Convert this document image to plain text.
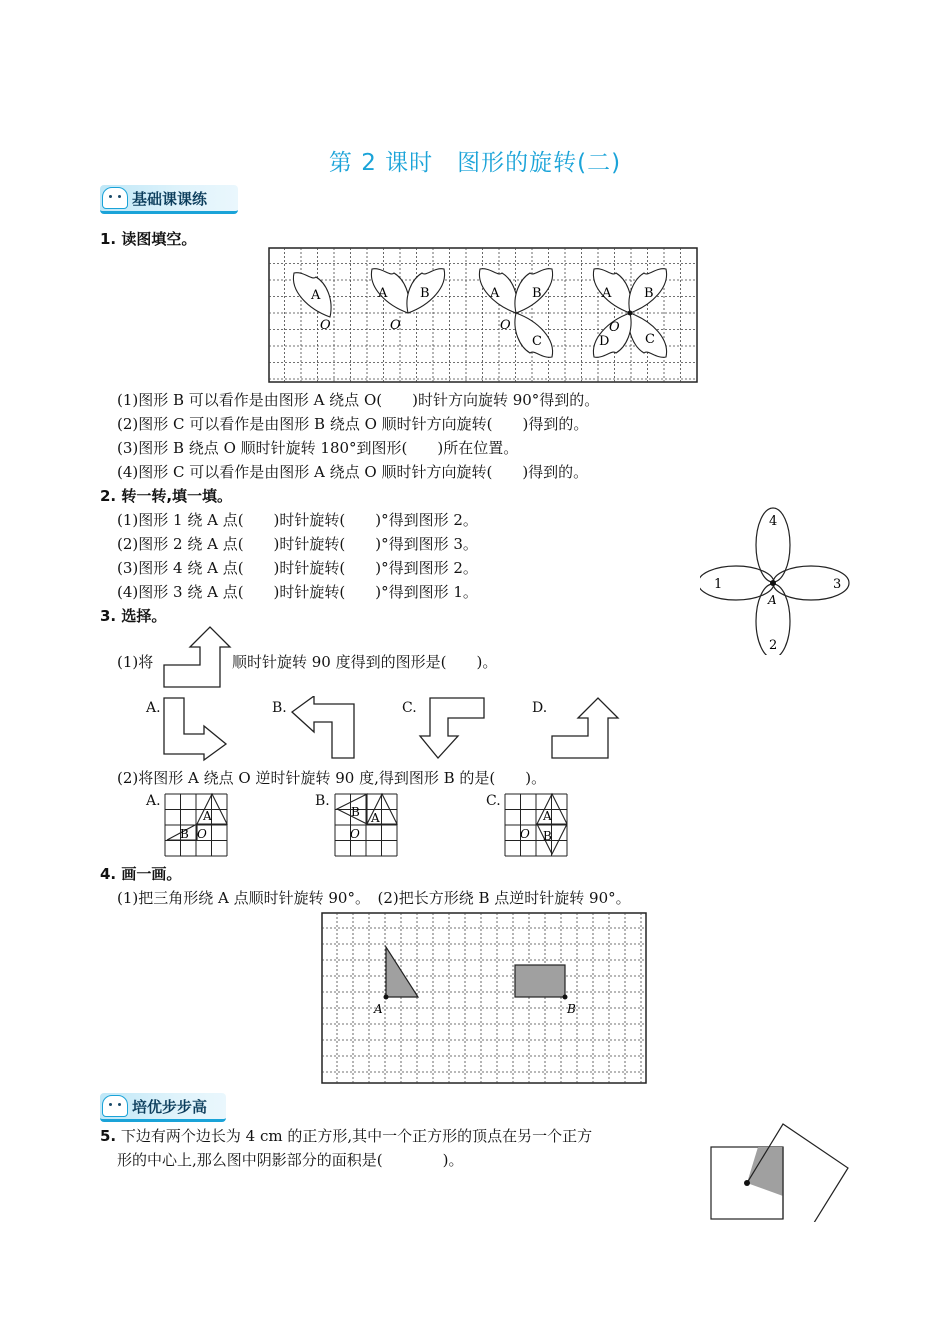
第 2 课时　图形的旋转(二)
基础课课练
1. 读图填空。
A
O
A	B
O
A	B
C
O
A	B
C
D
O
(1)图形 B 可以看作是由图形 A 绕点 O(　　)时针方向旋转 90°得到的。
(2)图形 C 可以看作是由图形 B 绕点 O 顺时针方向旋转(　　)得到的。
(3)图形 B 绕点 O 顺时针旋转 180°到图形(　　)所在位置。
(4)图形 C 可以看作是由图形 A 绕点 O 顺时针方向旋转(　　)得到的。
2. 转一转,填一填。
(1)图形 1 绕 A 点(　　)时针旋转(　　)°得到图形 2。
(2)图形 2 绕 A 点(　　)时针旋转(　　)°得到图形 3。
(3)图形 4 绕 A 点(　　)时针旋转(　　)°得到图形 2。
(4)图形 3 绕 A 点(　　)时针旋转(　　)°得到图形 1。
4
2
1	3
A
3. 选择。
(1)将	顺时针旋转 90 度得到的图形是(　　)。
A.	B.	C.	D.
(2)将图形 A 绕点 O 逆时针旋转 90 度,得到图形 B 的是(　　)。
A.
A
B O
B.
B A
O
C.
A
B
O
4. 画一画。
(1)把三角形绕 A 点顺时针旋转 90°。　(2)把长方形绕 B 点逆时针旋转 90°。
A	B
培优步步高
5. 下边有两个边长为 4 cm 的正方形,其中一个正方形的顶点在另一个正方
形的中心上,那么图中阴影部分的面积是(　　　　)。
